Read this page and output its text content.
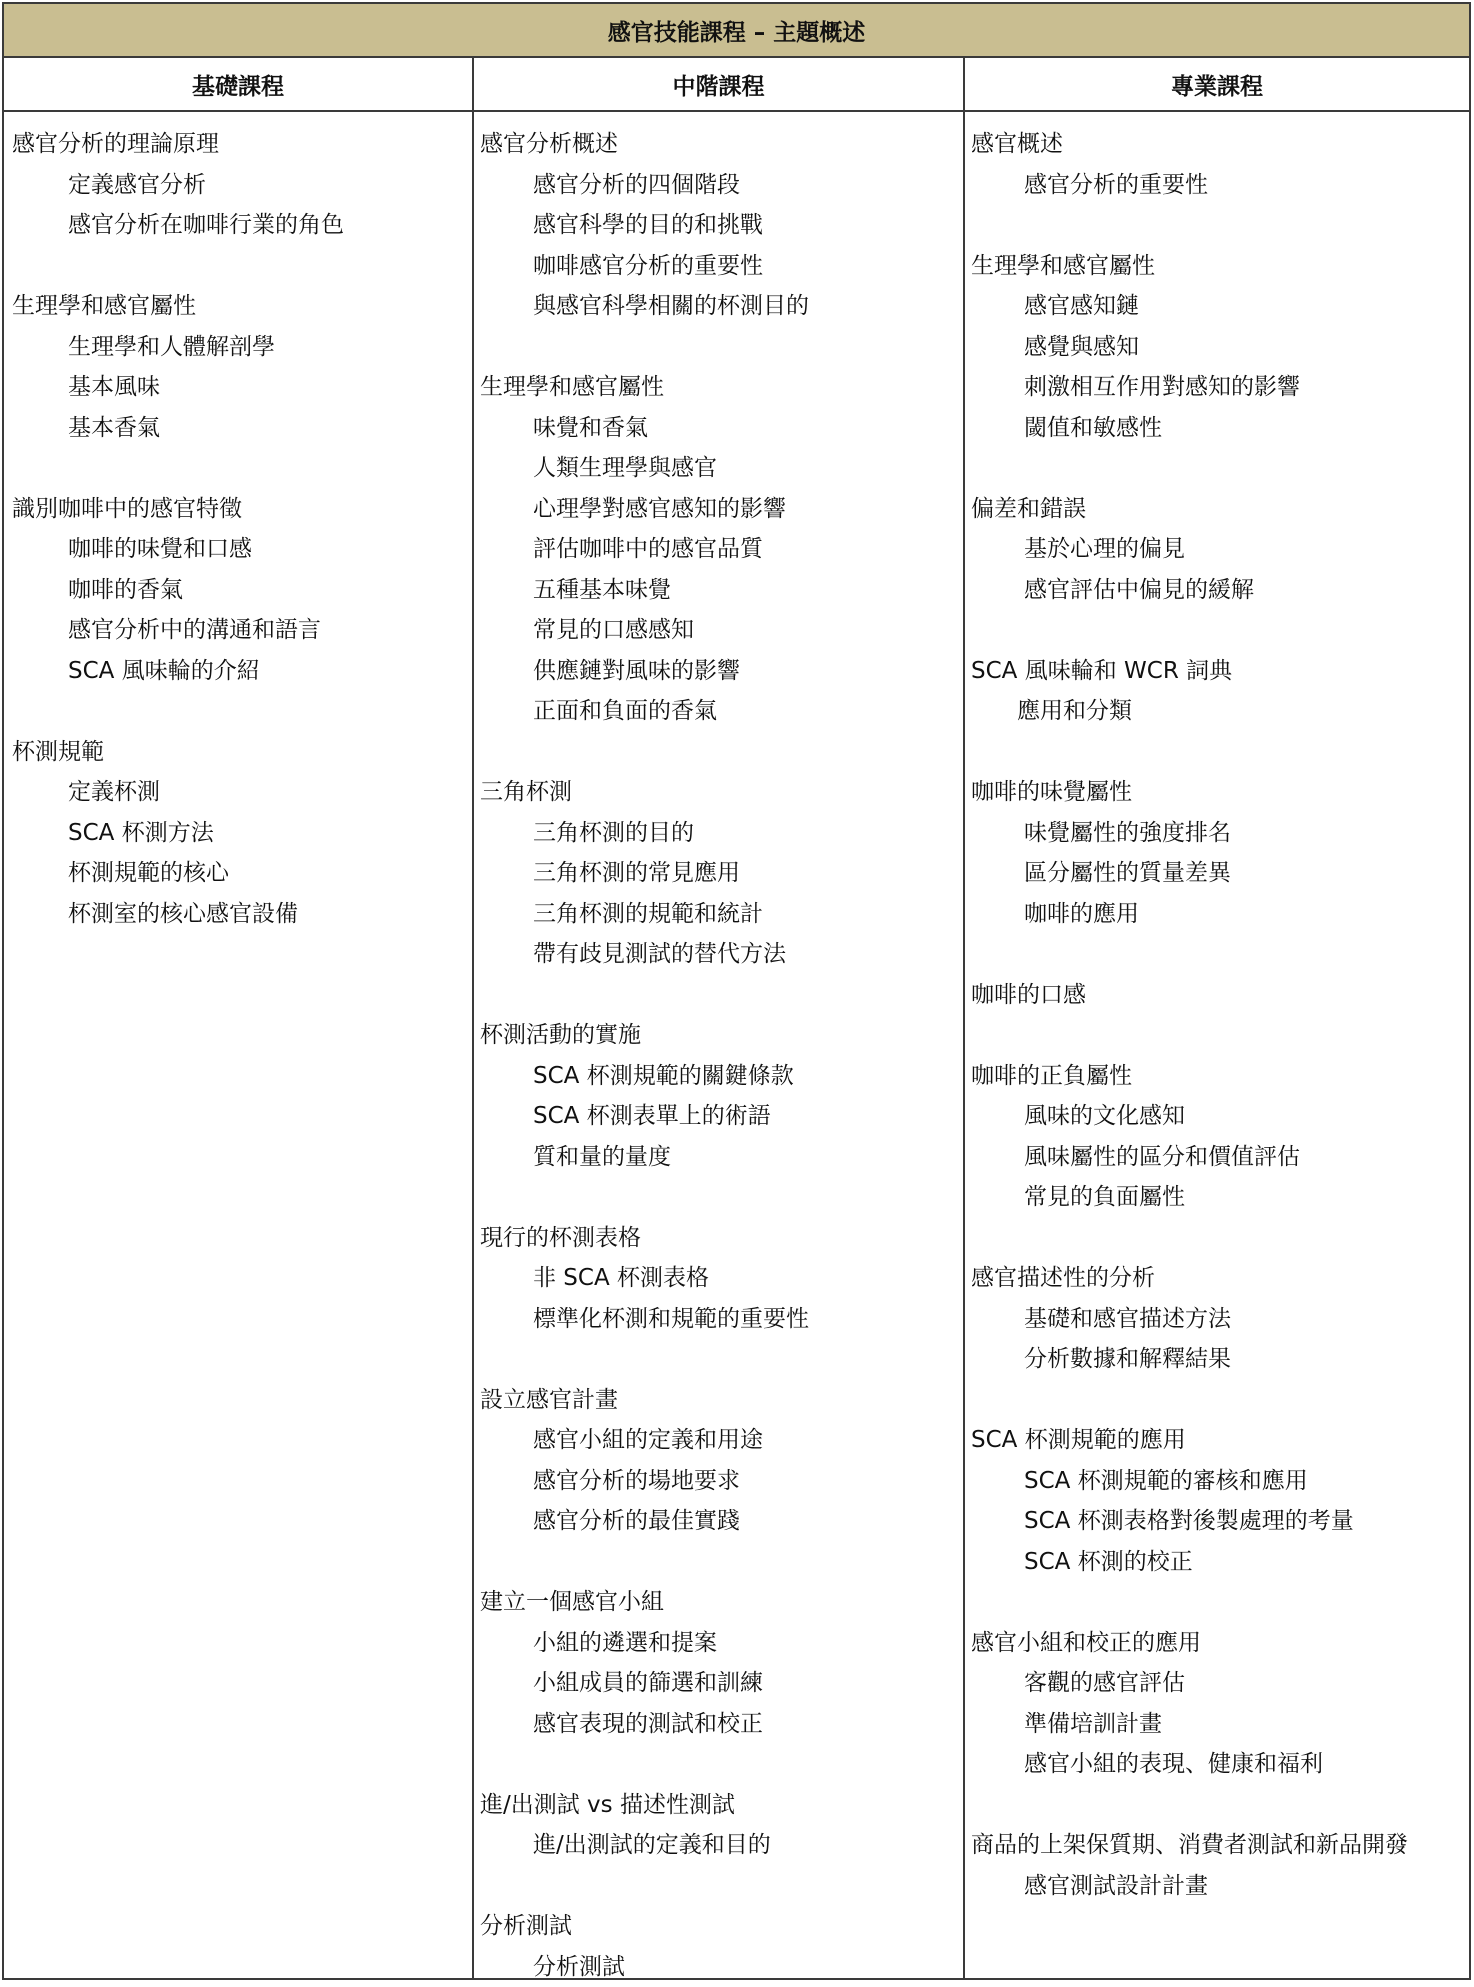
感官技能課程 – 主題概述
基礎課程	中階課程	專業課程
感官分析的理論原理
定義感官分析
感官分析在咖啡行業的角色
生理學和感官屬性
生理學和人體解剖學
基本風味
基本香氣
識別咖啡中的感官特徵
咖啡的味覺和口感
咖啡的香氣
感官分析中的溝通和語言
SCA 風味輪的介紹
杯測規範
定義杯測
SCA 杯測方法
杯測規範的核心
杯測室的核心感官設備
感官分析概述
感官分析的四個階段
感官科學的目的和挑戰
咖啡感官分析的重要性
與感官科學相關的杯測目的
生理學和感官屬性
味覺和香氣
人類生理學與感官
心理學對感官感知的影響
評估咖啡中的感官品質
五種基本味覺
常見的口感感知
供應鏈對風味的影響
正面和負面的香氣
三角杯測
三角杯測的目的
三角杯測的常見應用
三角杯測的規範和統計
帶有歧見測試的替代方法
杯測活動的實施
SCA 杯測規範的關鍵條款
SCA 杯測表單上的術語
質和量的量度
現行的杯測表格
非 SCA 杯測表格
標準化杯測和規範的重要性
設立感官計畫
感官小組的定義和用途
感官分析的場地要求
感官分析的最佳實踐
建立一個感官小組
小組的遴選和提案
小組成員的篩選和訓練
感官表現的測試和校正
進/出測試 vs 描述性測試
進/出測試的定義和目的
分析測試
分析測試
感官概述
感官分析的重要性
生理學和感官屬性
感官感知鏈
感覺與感知
刺激相互作用對感知的影響
閾值和敏感性
偏差和錯誤
基於心理的偏見
感官評估中偏見的緩解
SCA 風味輪和 WCR 詞典
應用和分類
咖啡的味覺屬性
味覺屬性的強度排名
區分屬性的質量差異
咖啡的應用
咖啡的口感
咖啡的正負屬性
風味的文化感知
風味屬性的區分和價值評估
常見的負面屬性
感官描述性的分析
基礎和感官描述方法
分析數據和解釋結果
SCA 杯測規範的應用
SCA 杯測規範的審核和應用
SCA 杯測表格對後製處理的考量
SCA 杯測的校正
感官小組和校正的應用
客觀的感官評估
準備培訓計畫
感官小組的表現、健康和福利
商品的上架保質期、消費者測試和新品開發
感官測試設計計畫
